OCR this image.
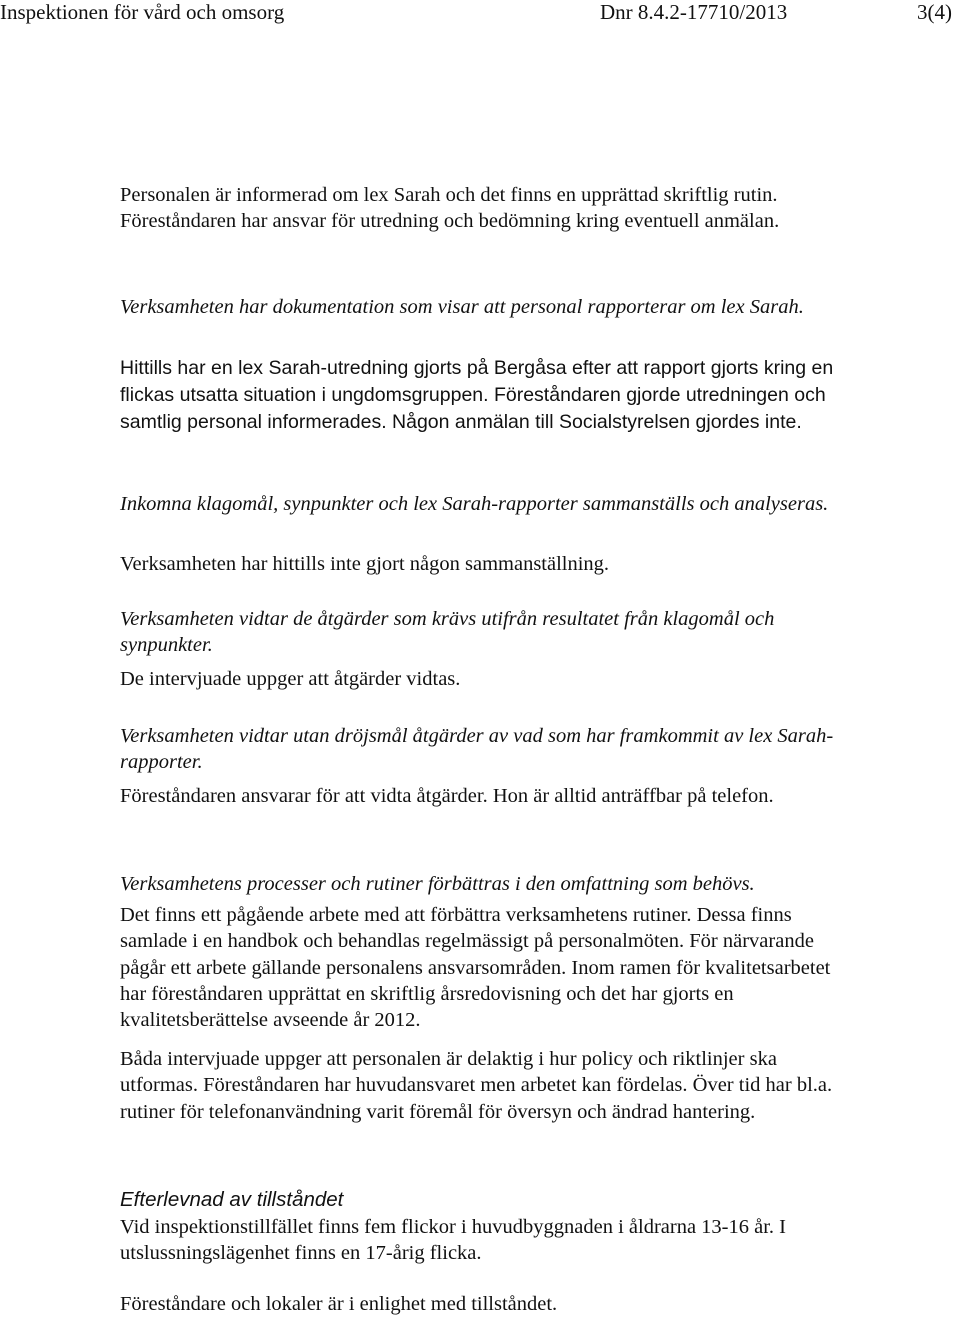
Inspektionen för vård och omsorg	Dnr 8.4.2-17710/2013	3(4)

Personalen är informerad om lex Sarah och det finns en upprättad skriftlig rutin. Föreståndaren har ansvar för utredning och bedömning kring eventuell anmälan.

Verksamheten har dokumentation som visar att personal rapporterar om lex Sarah.

Hittills har en lex Sarah-utredning gjorts på Bergåsa efter att rapport gjorts kring en flickas utsatta situation i ungdomsgruppen. Föreståndaren gjorde utredningen och samtlig personal informerades. Någon anmälan till Socialstyrelsen gjordes inte.

Inkomna klagomål, synpunkter och lex Sarah-rapporter sammanställs och analyseras.

Verksamheten har hittills inte gjort någon sammanställning.

Verksamheten vidtar de åtgärder som krävs utifrån resultatet från klagomål och synpunkter.

De intervjuade uppger att åtgärder vidtas.

Verksamheten vidtar utan dröjsmål åtgärder av vad som har framkommit av lex Sarah-rapporter.

Föreståndaren ansvarar för att vidta åtgärder. Hon är alltid anträffbar på telefon.

Verksamhetens processer och rutiner förbättras i den omfattning som behövs.

Det finns ett pågående arbete med att förbättra verksamhetens rutiner. Dessa finns samlade i en handbok och behandlas regelmässigt på personalmöten. För närvarande pågår ett arbete gällande personalens ansvarsområden. Inom ramen för kvalitetsarbetet har föreståndaren upprättat en skriftlig årsredovisning och det har gjorts en kvalitetsberättelse avseende år 2012.

Båda intervjuade uppger att personalen är delaktig i hur policy och riktlinjer ska utformas. Föreståndaren har huvudansvaret men arbetet kan fördelas. Över tid har bl.a. rutiner för telefonanvändning varit föremål för översyn och ändrad hantering.

Efterlevnad av tillståndet

Vid inspektionstillfället finns fem flickor i huvudbyggnaden i åldrarna 13-16 år. I utslussningslägenhet finns en 17-årig flicka.

Föreståndare och lokaler är i enlighet med tillståndet.
